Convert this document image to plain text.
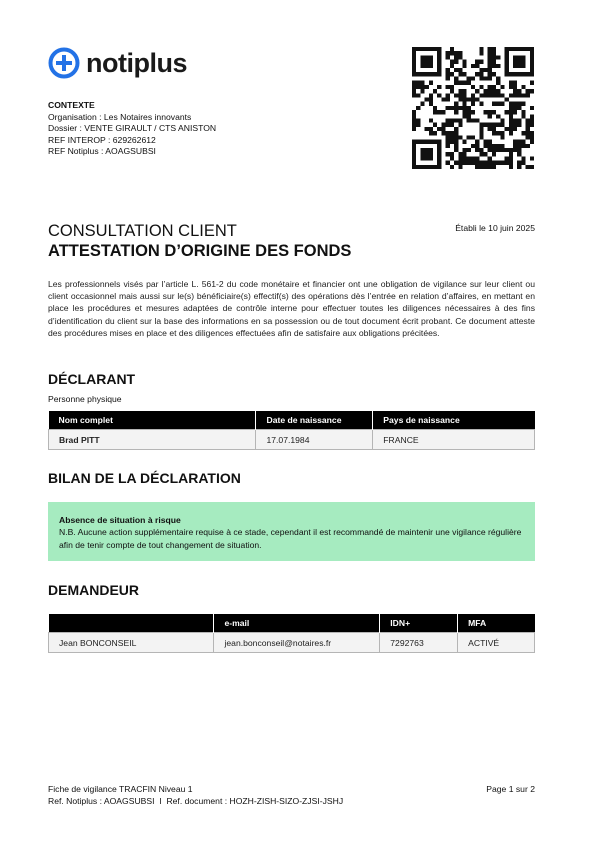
notiplus
CONTEXTE
Organisation : Les Notaires innovants
Dossier : VENTE GIRAULT / CTS ANISTON
REF INTEROP : 629262612
REF Notiplus : AOAGSUBSI
Établi le 10 juin 2025
CONSULTATION CLIENT
ATTESTATION D’ORIGINE DES FONDS
Les professionnels visés par l’article L. 561-2 du code monétaire et financier ont une obligation de vigilance sur leur client ou client occasionnel mais aussi sur le(s) bénéficiaire(s) effectif(s) des opérations dès l’entrée en relation d’affaires, en mettant en place les procédures et mesures adaptées de contrôle interne pour effectuer toutes les diligences nécessaires à des fins d’identification du client sur la base des informations en sa possession ou de tout document écrit probant. Ce document atteste des procédures mises en place et des diligences effectuées afin de satisfaire aux obligations précitées.
DÉCLARANT
Personne physique
Nom complet	Date de naissance	Pays de naissance
Brad PITT	17.07.1984	FRANCE
BILAN DE LA DÉCLARATION
Absence de situation à risque
N.B. Aucune action supplémentaire requise à ce stade, cependant il est recommandé de maintenir une vigilance régulière afin de tenir compte de tout changement de situation.
DEMANDEUR
	e-mail	IDN+	MFA
Jean BONCONSEIL	jean.bonconseil@notaires.fr	7292763	ACTIVÉ
Fiche de vigilance TRACFIN Niveau 1
Ref. Notiplus : AOAGSUBSI  I  Ref. document : HOZH-ZISH-SIZO-ZJSI-JSHJ
Page 1 sur 2
